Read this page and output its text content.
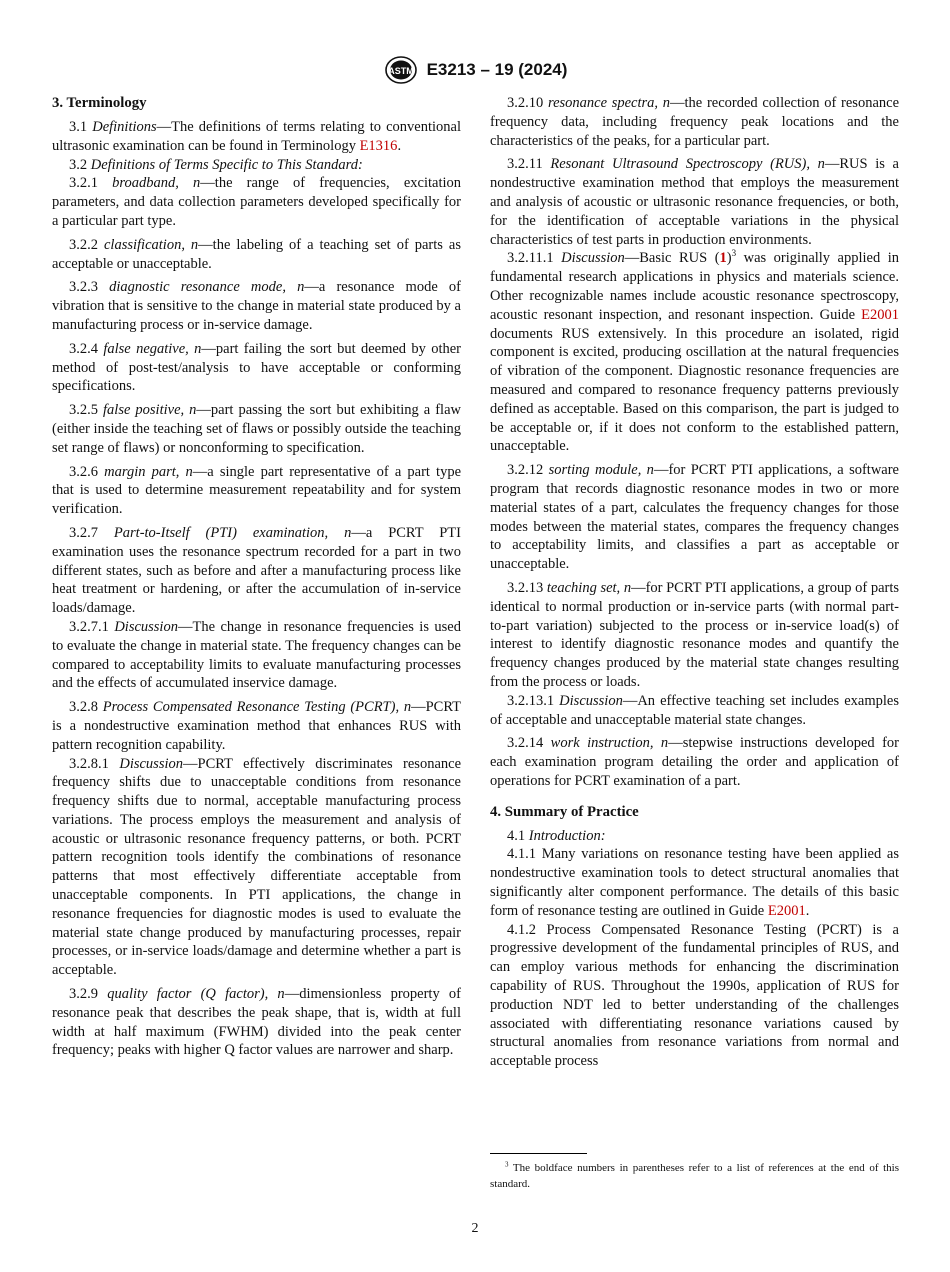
ASTM E3213 – 19 (2024)
3. Terminology

3.1 Definitions—The definitions of terms relating to conventional ultrasonic examination can be found in Terminology E1316.

3.2 Definitions of Terms Specific to This Standard:

3.2.1 broadband, n—the range of frequencies, excitation parameters, and data collection parameters developed specifically for a particular part type.

3.2.2 classification, n—the labeling of a teaching set of parts as acceptable or unacceptable.

3.2.3 diagnostic resonance mode, n—a resonance mode of vibration that is sensitive to the change in material state produced by a manufacturing process or in-service damage.

3.2.4 false negative, n—part failing the sort but deemed by other method of post-test/analysis to have acceptable or conforming specifications.

3.2.5 false positive, n—part passing the sort but exhibiting a flaw (either inside the teaching set of flaws or possibly outside the teaching set range of flaws) or nonconforming to specification.

3.2.6 margin part, n—a single part representative of a part type that is used to determine measurement repeatability and for system verification.

3.2.7 Part-to-Itself (PTI) examination, n—a PCRT PTI examination uses the resonance spectrum recorded for a part in two different states, such as before and after a manufacturing process like heat treatment or hardening, or after the accumulation of in-service loads/damage.

3.2.7.1 Discussion—The change in resonance frequencies is used to evaluate the change in material state. The frequency changes can be compared to acceptability limits to evaluate manufacturing processes and the effects of accumulated inservice damage.

3.2.8 Process Compensated Resonance Testing (PCRT), n—PCRT is a nondestructive examination method that enhances RUS with pattern recognition capability.

3.2.8.1 Discussion—PCRT effectively discriminates resonance frequency shifts due to unacceptable conditions from resonance frequency shifts due to normal, acceptable manufacturing process variations. The process employs the measurement and analysis of acoustic or ultrasonic resonance frequency patterns, or both. PCRT pattern recognition tools identify the combinations of resonance patterns that most effectively differentiate acceptable from unacceptable components. In PTI applications, the change in resonance frequencies for diagnostic modes is used to evaluate the material state change produced by manufacturing processes, repair processes, or in-service loads/damage and determine whether a part is acceptable.

3.2.9 quality factor (Q factor), n—dimensionless property of resonance peak that describes the peak shape, that is, width at full width at half maximum (FWHM) divided into the peak center frequency; peaks with higher Q factor values are narrower and sharp.

3.2.10 resonance spectra, n—the recorded collection of resonance frequency data, including frequency peak locations and the characteristics of the peaks, for a particular part.

3.2.11 Resonant Ultrasound Spectroscopy (RUS), n—RUS is a nondestructive examination method that employs the measurement and analysis of acoustic or ultrasonic resonance frequencies, or both, for the identification of acceptable variations in the physical characteristics of test parts in production environments.

3.2.11.1 Discussion—Basic RUS $(1)^3$ was originally applied in fundamental research applications in physics and materials science. Other recognizable names include acoustic resonance spectroscopy, acoustic resonant inspection, and resonant inspection. Guide E2001 documents RUS extensively. In this procedure an isolated, rigid component is excited, producing oscillation at the natural frequencies of vibration of the component. Diagnostic resonance frequencies are measured and compared to resonance frequency patterns previously defined as acceptable. Based on this comparison, the part is judged to be acceptable or, if it does not conform to the established pattern, unacceptable.

3.2.12 sorting module, n—for PCRT PTI applications, a software program that records diagnostic resonance modes in two or more material states of a part, calculates the frequency changes for those modes between the material states, compares the frequency changes to acceptability limits, and classifies a part as acceptable or unacceptable.

3.2.13 teaching set, n—for PCRT PTI applications, a group of parts identical to normal production or in-service parts (with normal part-to-part variation) subjected to the process or in-service load(s) of interest to identify diagnostic resonance modes and quantify the frequency changes produced by the material state changes resulting from the process or loads.

3.2.13.1 Discussion—An effective teaching set includes examples of acceptable and unacceptable material state changes.

3.2.14 work instruction, n—stepwise instructions developed for each examination program detailing the order and application of operations for PCRT examination of a part.

4. Summary of Practice

4.1 Introduction:

4.1.1 Many variations on resonance testing have been applied as nondestructive examination tools to detect structural anomalies that significantly alter component performance. The details of this basic form of resonance testing are outlined in Guide E2001.

4.1.2 Process Compensated Resonance Testing (PCRT) is a progressive development of the fundamental principles of RUS, and can employ various methods for enhancing the discrimination capability of RUS. Throughout the 1990s, application of RUS for production NDT led to better understanding of the challenges associated with differentiating resonance variations caused by structural anomalies from resonance variations from normal and acceptable process

$^3$ The boldface numbers in parentheses refer to a list of references at the end of this standard.
2
